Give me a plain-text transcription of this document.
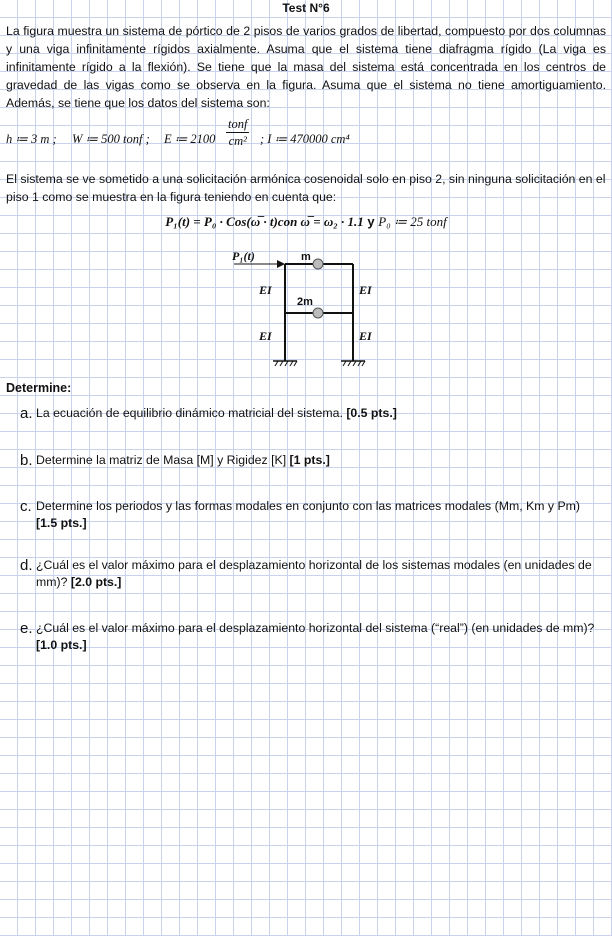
Test N°6

La figura muestra un sistema de pórtico de 2 pisos de varios grados de libertad, compuesto por dos columnas y una viga infinitamente rígidos axialmente. Asuma que el sistema tiene diafragma rígido (La viga es infinitamente rígido a la flexión). Se tiene que la masa del sistema está concentrada en los centros de gravedad de las vigas como se observa en la figura. Asuma que el sistema no tiene amortiguamiento. Además, se tiene que los datos del sistema son:

h ≔ 3 m ; W ≔ 500 tonf ; E ≔ 2100
tonf
cm² ; I ≔ 470000 cm⁴

El sistema se ve sometido a una solicitación armónica cosenoidal solo en piso 2, sin ninguna solicitación en el piso 1 como se muestra en la figura teniendo en cuenta que:

P₁(t) = P₀ · Cos(ω̅ · t)con ω̅ = ω₂ · 1.1 y P₀ ≔ 25 tonf
P₁(t)	m
2m
EI	EI
EI	EI
Determine:
a. La ecuación de equilibrio dinámico matricial del sistema. [0.5 pts.]
b. Determine la matriz de Masa [M] y Rigidez [K] [1 pts.]
c. Determine los periodos y las formas modales en conjunto con las matrices modales (Mm, Km y Pm) [1.5 pts.]
d. ¿Cuál es el valor máximo para el desplazamiento horizontal de los sistemas modales (en unidades de mm)? [2.0 pts.]
e. ¿Cuál es el valor máximo para el desplazamiento horizontal del sistema (“real”) (en unidades de mm)? [1.0 pts.]
